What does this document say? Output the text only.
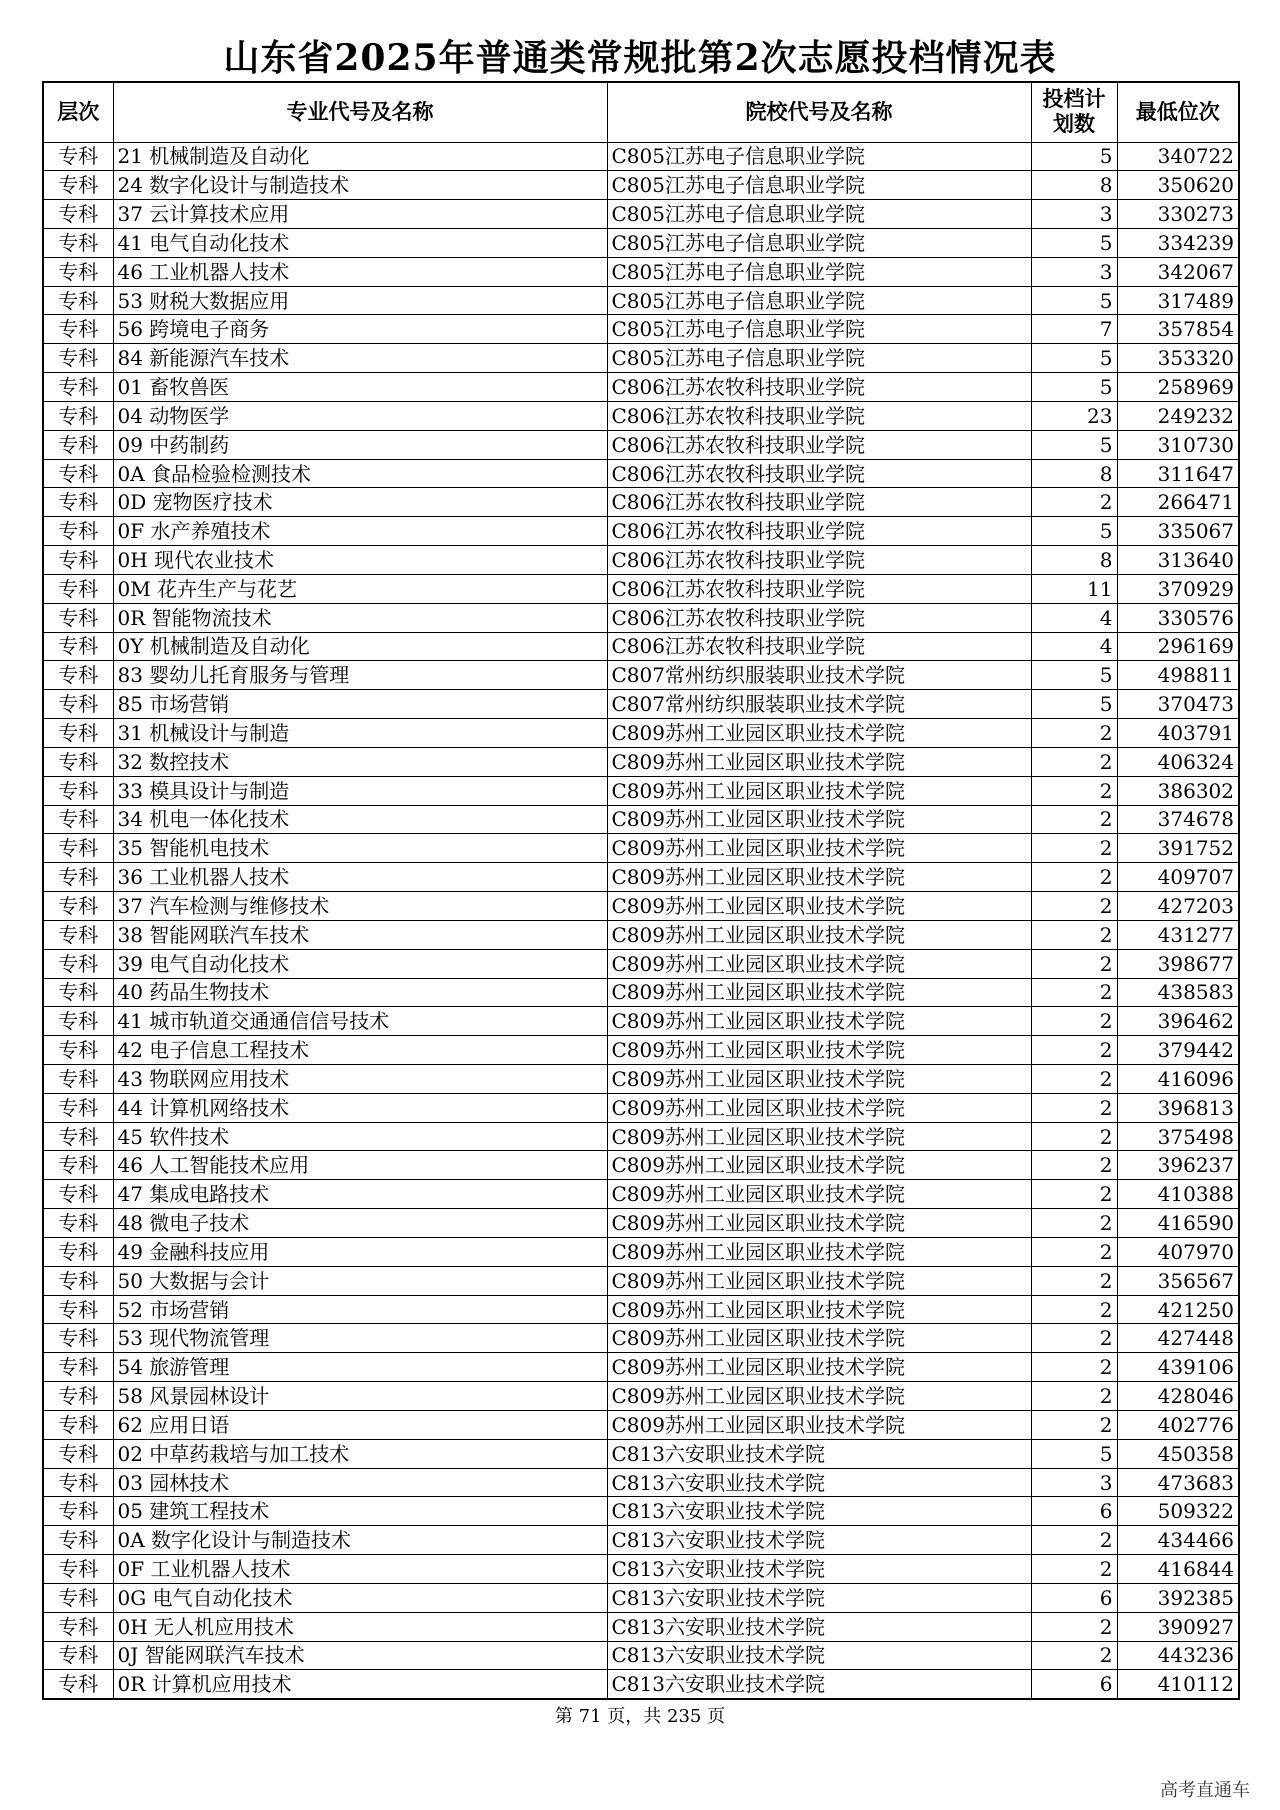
山东省2025年普通类常规批第2次志愿投档情况表
层次	专业代号及名称	院校代号及名称	投档计划数	最低位次
专科	21 机械制造及自动化	C805江苏电子信息职业学院	5	340722
专科	24 数字化设计与制造技术	C805江苏电子信息职业学院	8	350620
专科	37 云计算技术应用	C805江苏电子信息职业学院	3	330273
专科	41 电气自动化技术	C805江苏电子信息职业学院	5	334239
专科	46 工业机器人技术	C805江苏电子信息职业学院	3	342067
专科	53 财税大数据应用	C805江苏电子信息职业学院	5	317489
专科	56 跨境电子商务	C805江苏电子信息职业学院	7	357854
专科	84 新能源汽车技术	C805江苏电子信息职业学院	5	353320
专科	01 畜牧兽医	C806江苏农牧科技职业学院	5	258969
专科	04 动物医学	C806江苏农牧科技职业学院	23	249232
专科	09 中药制药	C806江苏农牧科技职业学院	5	310730
专科	0A 食品检验检测技术	C806江苏农牧科技职业学院	8	311647
专科	0D 宠物医疗技术	C806江苏农牧科技职业学院	2	266471
专科	0F 水产养殖技术	C806江苏农牧科技职业学院	5	335067
专科	0H 现代农业技术	C806江苏农牧科技职业学院	8	313640
专科	0M 花卉生产与花艺	C806江苏农牧科技职业学院	11	370929
专科	0R 智能物流技术	C806江苏农牧科技职业学院	4	330576
专科	0Y 机械制造及自动化	C806江苏农牧科技职业学院	4	296169
专科	83 婴幼儿托育服务与管理	C807常州纺织服装职业技术学院	5	498811
专科	85 市场营销	C807常州纺织服装职业技术学院	5	370473
专科	31 机械设计与制造	C809苏州工业园区职业技术学院	2	403791
专科	32 数控技术	C809苏州工业园区职业技术学院	2	406324
专科	33 模具设计与制造	C809苏州工业园区职业技术学院	2	386302
专科	34 机电一体化技术	C809苏州工业园区职业技术学院	2	374678
专科	35 智能机电技术	C809苏州工业园区职业技术学院	2	391752
专科	36 工业机器人技术	C809苏州工业园区职业技术学院	2	409707
专科	37 汽车检测与维修技术	C809苏州工业园区职业技术学院	2	427203
专科	38 智能网联汽车技术	C809苏州工业园区职业技术学院	2	431277
专科	39 电气自动化技术	C809苏州工业园区职业技术学院	2	398677
专科	40 药品生物技术	C809苏州工业园区职业技术学院	2	438583
专科	41 城市轨道交通通信信号技术	C809苏州工业园区职业技术学院	2	396462
专科	42 电子信息工程技术	C809苏州工业园区职业技术学院	2	379442
专科	43 物联网应用技术	C809苏州工业园区职业技术学院	2	416096
专科	44 计算机网络技术	C809苏州工业园区职业技术学院	2	396813
专科	45 软件技术	C809苏州工业园区职业技术学院	2	375498
专科	46 人工智能技术应用	C809苏州工业园区职业技术学院	2	396237
专科	47 集成电路技术	C809苏州工业园区职业技术学院	2	410388
专科	48 微电子技术	C809苏州工业园区职业技术学院	2	416590
专科	49 金融科技应用	C809苏州工业园区职业技术学院	2	407970
专科	50 大数据与会计	C809苏州工业园区职业技术学院	2	356567
专科	52 市场营销	C809苏州工业园区职业技术学院	2	421250
专科	53 现代物流管理	C809苏州工业园区职业技术学院	2	427448
专科	54 旅游管理	C809苏州工业园区职业技术学院	2	439106
专科	58 风景园林设计	C809苏州工业园区职业技术学院	2	428046
专科	62 应用日语	C809苏州工业园区职业技术学院	2	402776
专科	02 中草药栽培与加工技术	C813六安职业技术学院	5	450358
专科	03 园林技术	C813六安职业技术学院	3	473683
专科	05 建筑工程技术	C813六安职业技术学院	6	509322
专科	0A 数字化设计与制造技术	C813六安职业技术学院	2	434466
专科	0F 工业机器人技术	C813六安职业技术学院	2	416844
专科	0G 电气自动化技术	C813六安职业技术学院	6	392385
专科	0H 无人机应用技术	C813六安职业技术学院	2	390927
专科	0J 智能网联汽车技术	C813六安职业技术学院	2	443236
专科	0R 计算机应用技术	C813六安职业技术学院	6	410112
第 71 页，共 235 页
高考直通车
